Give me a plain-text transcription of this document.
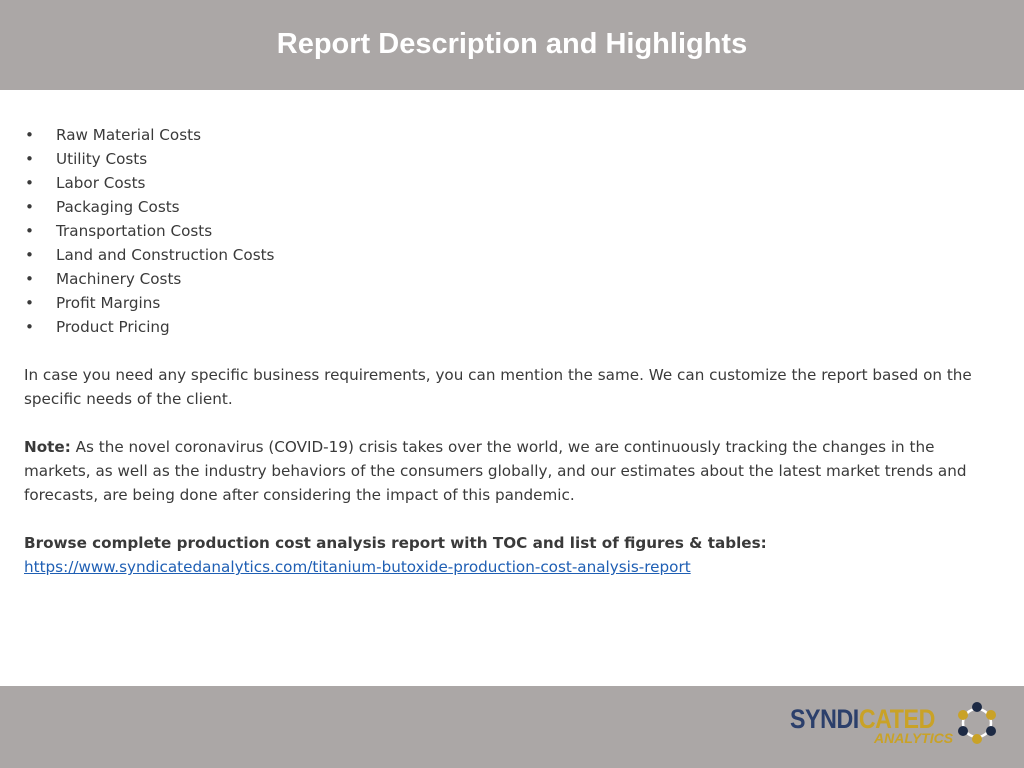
Report Description and Highlights
• Raw Material Costs
• Utility Costs
• Labor Costs
• Packaging Costs
• Transportation Costs
• Land and Construction Costs
• Machinery Costs
• Profit Margins
• Product Pricing

In case you need any specific business requirements, you can mention the same. We can customize the report based on the specific needs of the client.

Note: As the novel coronavirus (COVID-19) crisis takes over the world, we are continuously tracking the changes in the markets, as well as the industry behaviors of the consumers globally, and our estimates about the latest market trends and forecasts, are being done after considering the impact of this pandemic.

Browse complete production cost analysis report with TOC and list of figures & tables: https://www.syndicatedanalytics.com/titanium-butoxide-production-cost-analysis-report

SYNDICATED
ANALYTICS
